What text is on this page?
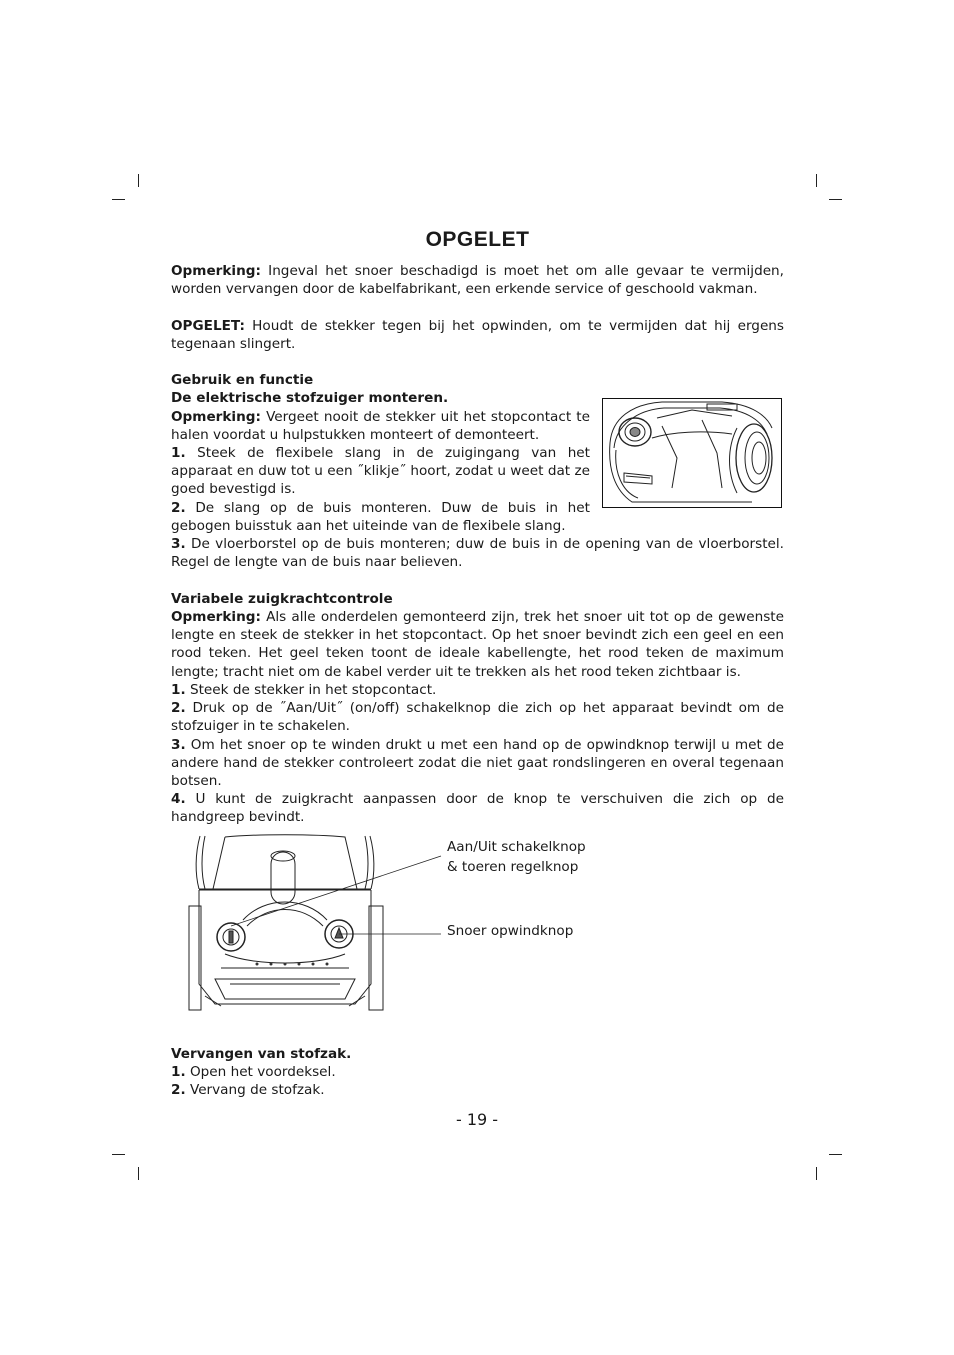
OPGELET

Opmerking: Ingeval het snoer beschadigd is moet het om alle gevaar te vermijden, worden vervangen door de kabelfabrikant, een erkende service of geschoold vakman.

OPGELET: Houdt de stekker tegen bij het opwinden, om te vermijden dat hij ergens tegenaan slingert.

Gebruik en functie
De elektrische stofzuiger monteren.

Opmerking: Vergeet nooit de stekker uit het stopcontact te halen voordat u hulpstukken monteert of demonteert.

1. Steek de flexibele slang in de zuigingang van het apparaat en duw tot u een ˝klikje˝ hoort, zodat u weet dat ze goed bevestigd is.

2. De slang op de buis monteren. Duw de buis in het gebogen buisstuk aan het uiteinde van de flexibele slang.

3. De vloerborstel op de buis monteren; duw de buis in de opening van de vloerborstel. Regel de lengte van de buis naar believen.

Variabele zuigkrachtcontrole

Opmerking: Als alle onderdelen gemonteerd zijn, trek het snoer uit tot op de gewenste lengte en steek de stekker in het stopcontact. Op het snoer bevindt zich een geel en een rood teken. Het geel teken toont de ideale kabellengte, het rood teken de maximum lengte; tracht niet om de kabel verder uit te trekken als het rood teken zichtbaar is.

1. Steek de stekker in het stopcontact.

2. Druk op de ˝Aan/Uit˝ (on/off) schakelknop die zich op het apparaat bevindt om de stofzuiger in te schakelen.

3. Om het snoer op te winden drukt u met een hand op de opwindknop terwijl u met de andere hand de stekker controleert zodat die niet gaat rondslingeren en overal tegenaan botsen.

4. U kunt de zuigkracht aanpassen door de knop te verschuiven die zich op de handgreep bevindt.

Aan/Uit schakelknop
& toeren regelknop
Snoer opwindknop
Vervangen van stofzak.

1. Open het voordeksel.

2. Vervang de stofzak.

- 19 -
